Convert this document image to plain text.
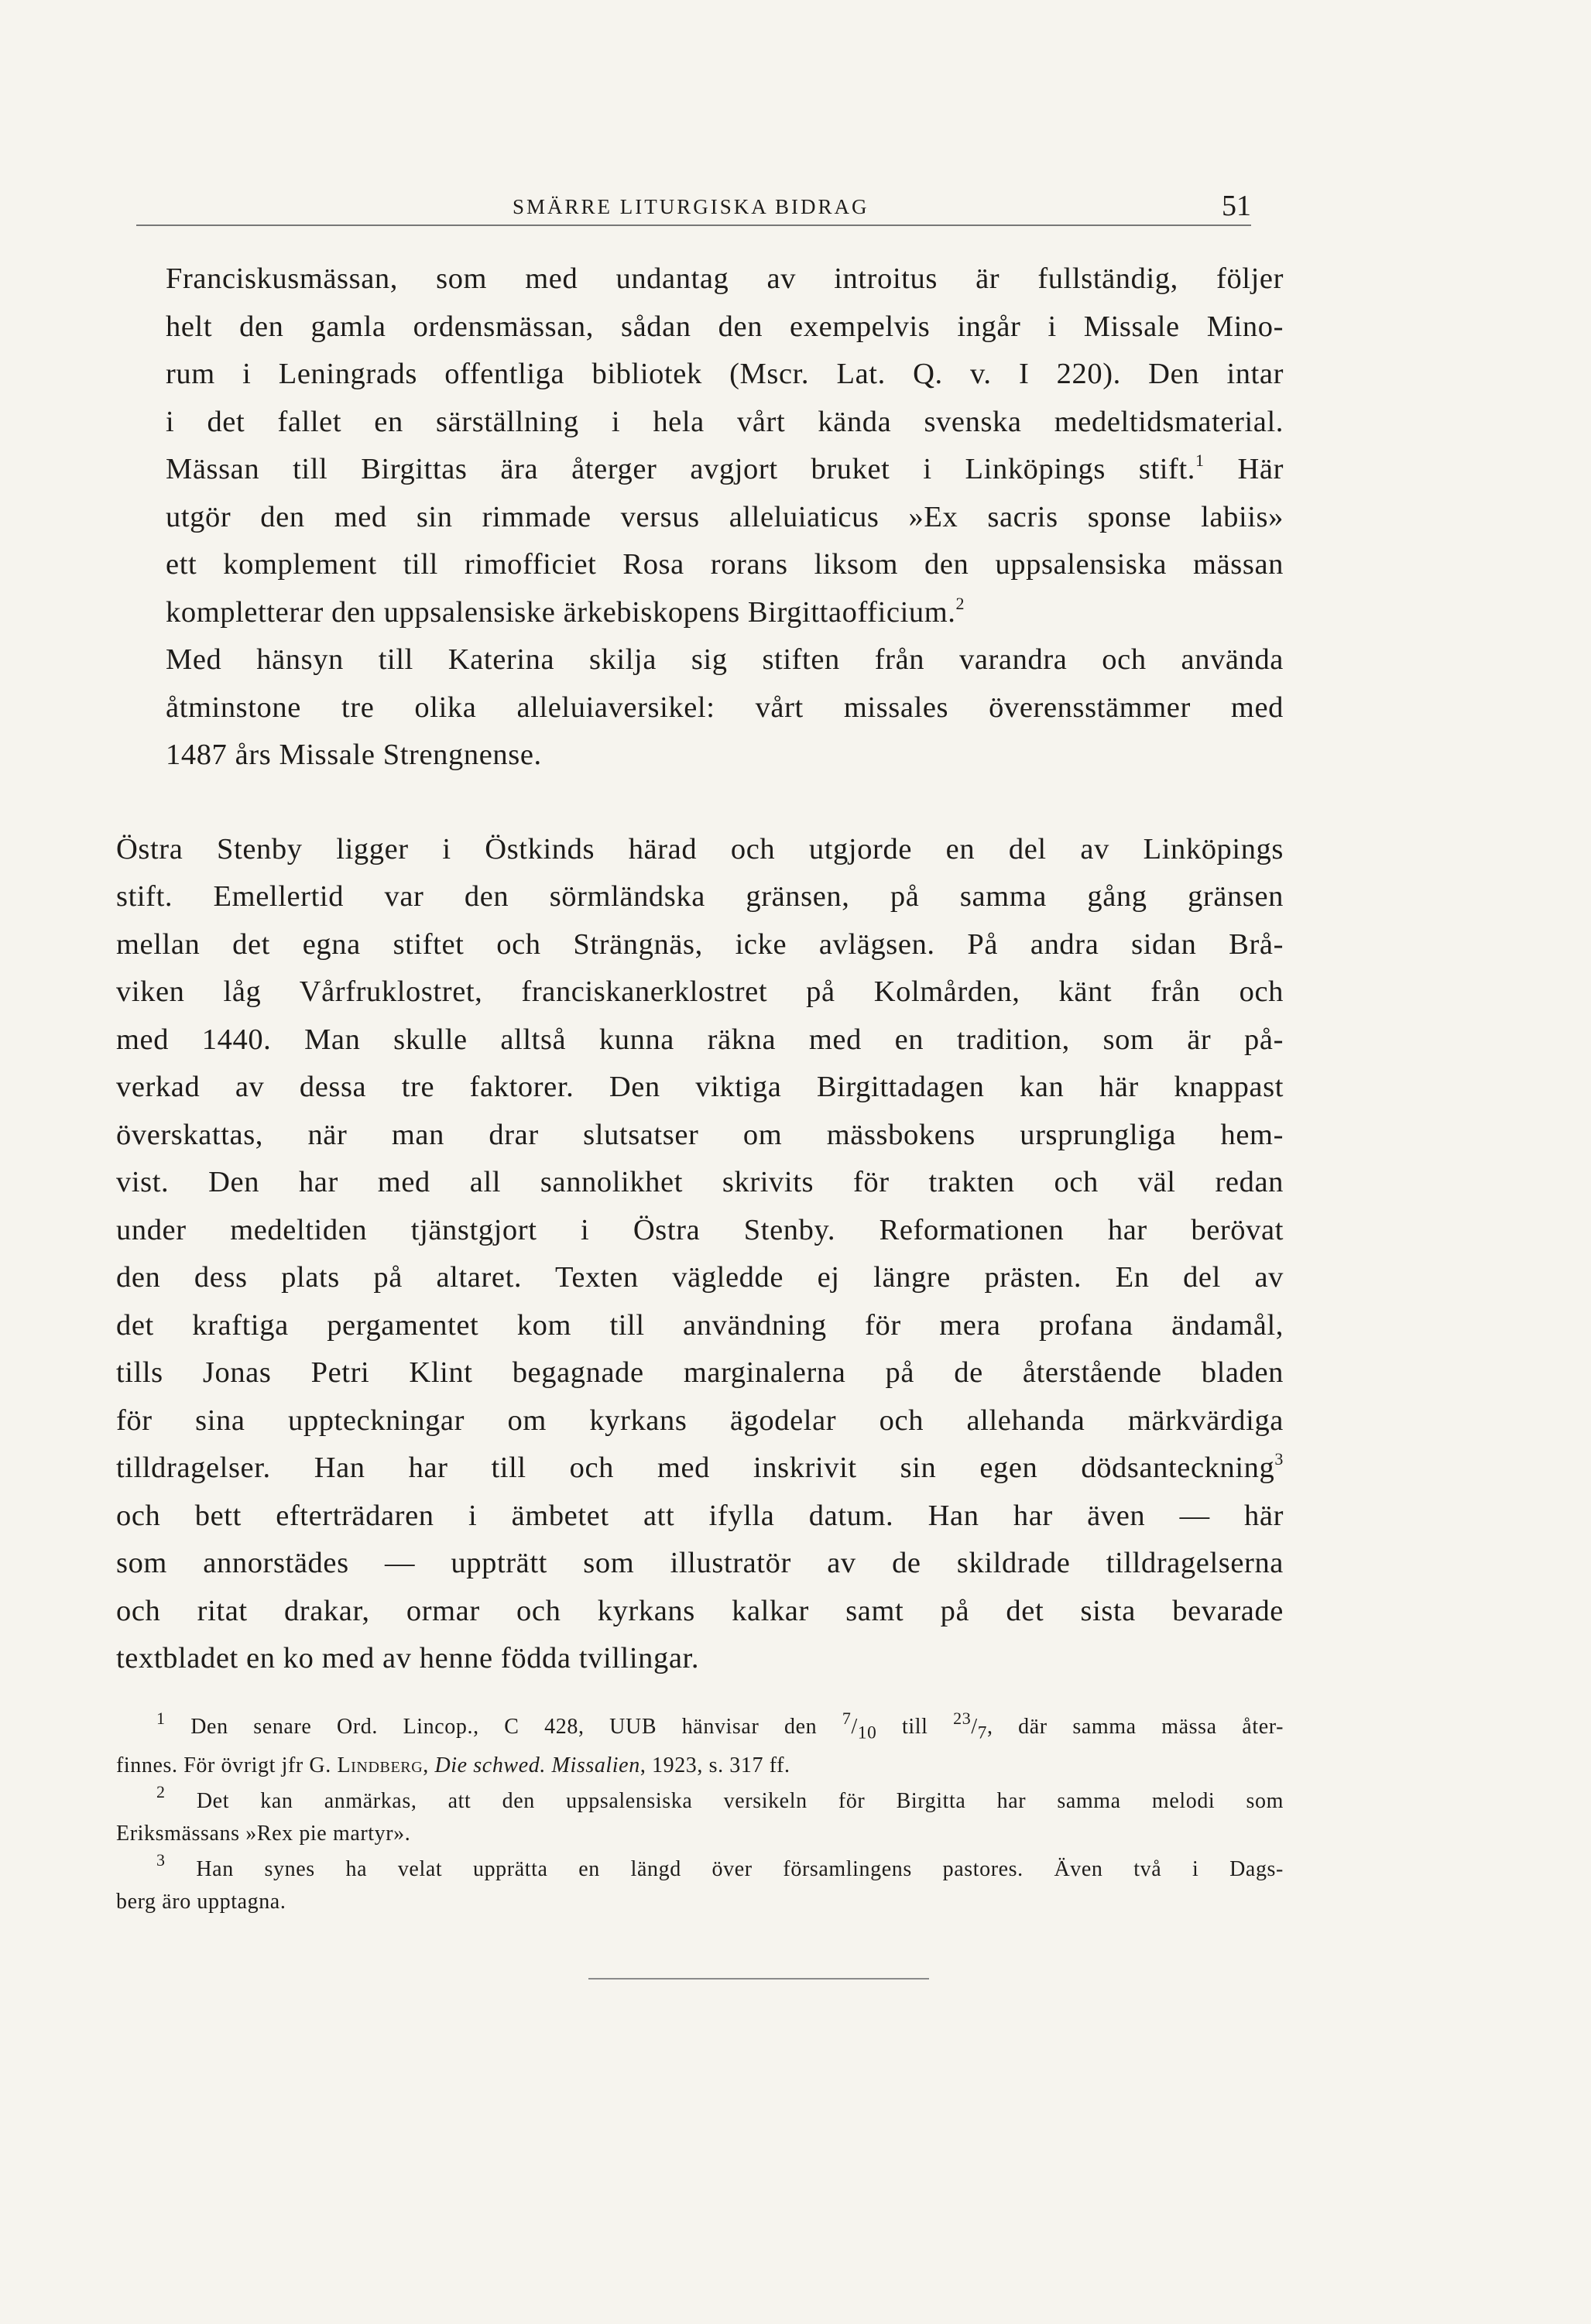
SMÄRRE LITURGISKA BIDRAG	51

Franciskusmässan, som med undantag av introitus är fullständig, följer
helt den gamla ordensmässan, sådan den exempelvis ingår i Missale Mino-
rum i Leningrads offentliga bibliotek (Mscr. Lat. Q. v. I 220). Den intar
i det fallet en särställning i hela vårt kända svenska medeltidsmaterial.
Mässan till Birgittas ära återger avgjort bruket i Linköpings stift.$^1$ Här
utgör den med sin rimmade versus alleluiaticus »Ex sacris sponse labiis»
ett komplement till rimofficiet Rosa rorans liksom den uppsalensiska mässan
kompletterar den uppsalensiske ärkebiskopens Birgittaofficium.$^2$
Med hänsyn till Katerina skilja sig stiften från varandra och använda
åtminstone tre olika alleluiaversikel: vårt missales överensstämmer med
1487 års Missale Strengnense.

Östra Stenby ligger i Östkinds härad och utgjorde en del av Linköpings
stift. Emellertid var den sörmländska gränsen, på samma gång gränsen
mellan det egna stiftet och Strängnäs, icke avlägsen. På andra sidan Brå-
viken låg Vårfruklostret, franciskanerklostret på Kolmården, känt från och
med 1440. Man skulle alltså kunna räkna med en tradition, som är på-
verkad av dessa tre faktorer. Den viktiga Birgittadagen kan här knappast
överskattas, när man drar slutsatser om mässbokens ursprungliga hem-
vist. Den har med all sannolikhet skrivits för trakten och väl redan
under medeltiden tjänstgjort i Östra Stenby. Reformationen har berövat
den dess plats på altaret. Texten vägledde ej längre prästen. En del av
det kraftiga pergamentet kom till användning för mera profana ändamål,
tills Jonas Petri Klint begagnade marginalerna på de återstående bladen
för sina uppteckningar om kyrkans ägodelar och allehanda märkvärdiga
tilldragelser. Han har till och med inskrivit sin egen dödsanteckning$^3$
och bett efterträdaren i ämbetet att ifylla datum. Han har även — här
som annorstädes — uppträtt som illustratör av de skildrade tilldragelserna
och ritat drakar, ormar och kyrkans kalkar samt på det sista bevarade
textbladet en ko med av henne födda tvillingar.

$^1$ Den senare Ord. Lincop., C 428, UUB hänvisar den $^7/_{10}$ till $^{23}/_7$, där samma mässa åter-
finnes. För övrigt jfr G. Lindberg, Die schwed. Missalien, 1923, s. 317 ff.

$^2$ Det kan anmärkas, att den uppsalensiska versikeln för Birgitta har samma melodi som
Eriksmässans »Rex pie martyr».

$^3$ Han synes ha velat upprätta en längd över församlingens pastores. Även två i Dags-
berg äro upptagna.
